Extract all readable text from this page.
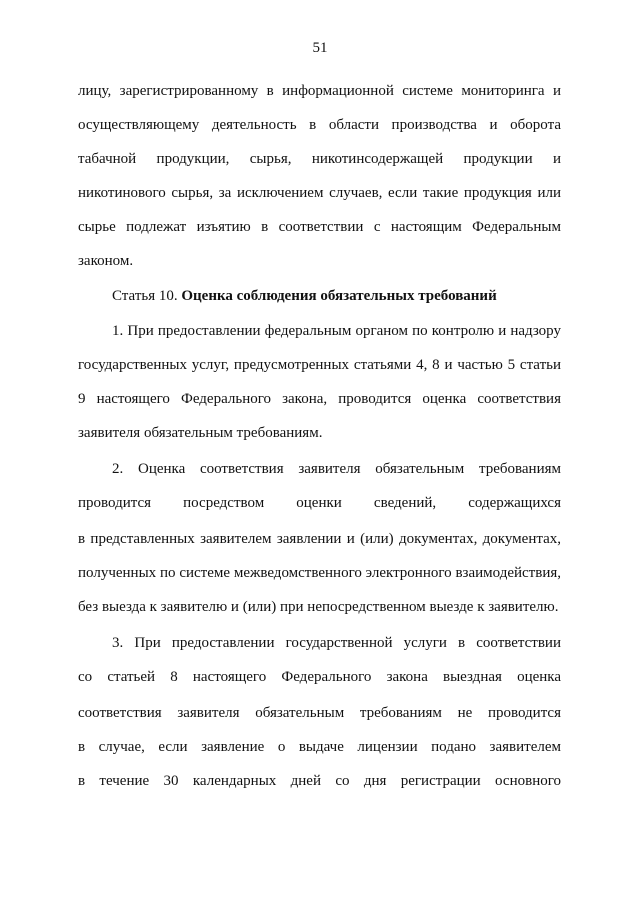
51
лицу, зарегистрированному в информационной системе мониторинга и
осуществляющему деятельность в области производства и оборота
табачной продукции, сырья, никотинсодержащей продукции и
никотинового сырья, за исключением случаев, если такие продукция или
сырье подлежат изъятию в соответствии с настоящим Федеральным
законом.
Статья 10. Оценка соблюдения обязательных требований
1. При предоставлении федеральным органом по контролю и надзору
государственных услуг, предусмотренных статьями 4, 8 и частью 5 статьи
9 настоящего Федерального закона, проводится оценка соответствия
заявителя обязательным требованиям.
2. Оценка соответствия заявителя обязательным требованиям
проводится посредством оценки сведений, содержащихся
в представленных заявителем заявлении и (или) документах, документах,
полученных по системе межведомственного электронного взаимодействия,
без выезда к заявителю и (или) при непосредственном выезде к заявителю.
3. При предоставлении государственной услуги в соответствии
со статьей 8 настоящего Федерального закона выездная оценка
соответствия заявителя обязательным требованиям не проводится
в случае, если заявление о выдаче лицензии подано заявителем
в течение 30 календарных дней со дня регистрации основного
